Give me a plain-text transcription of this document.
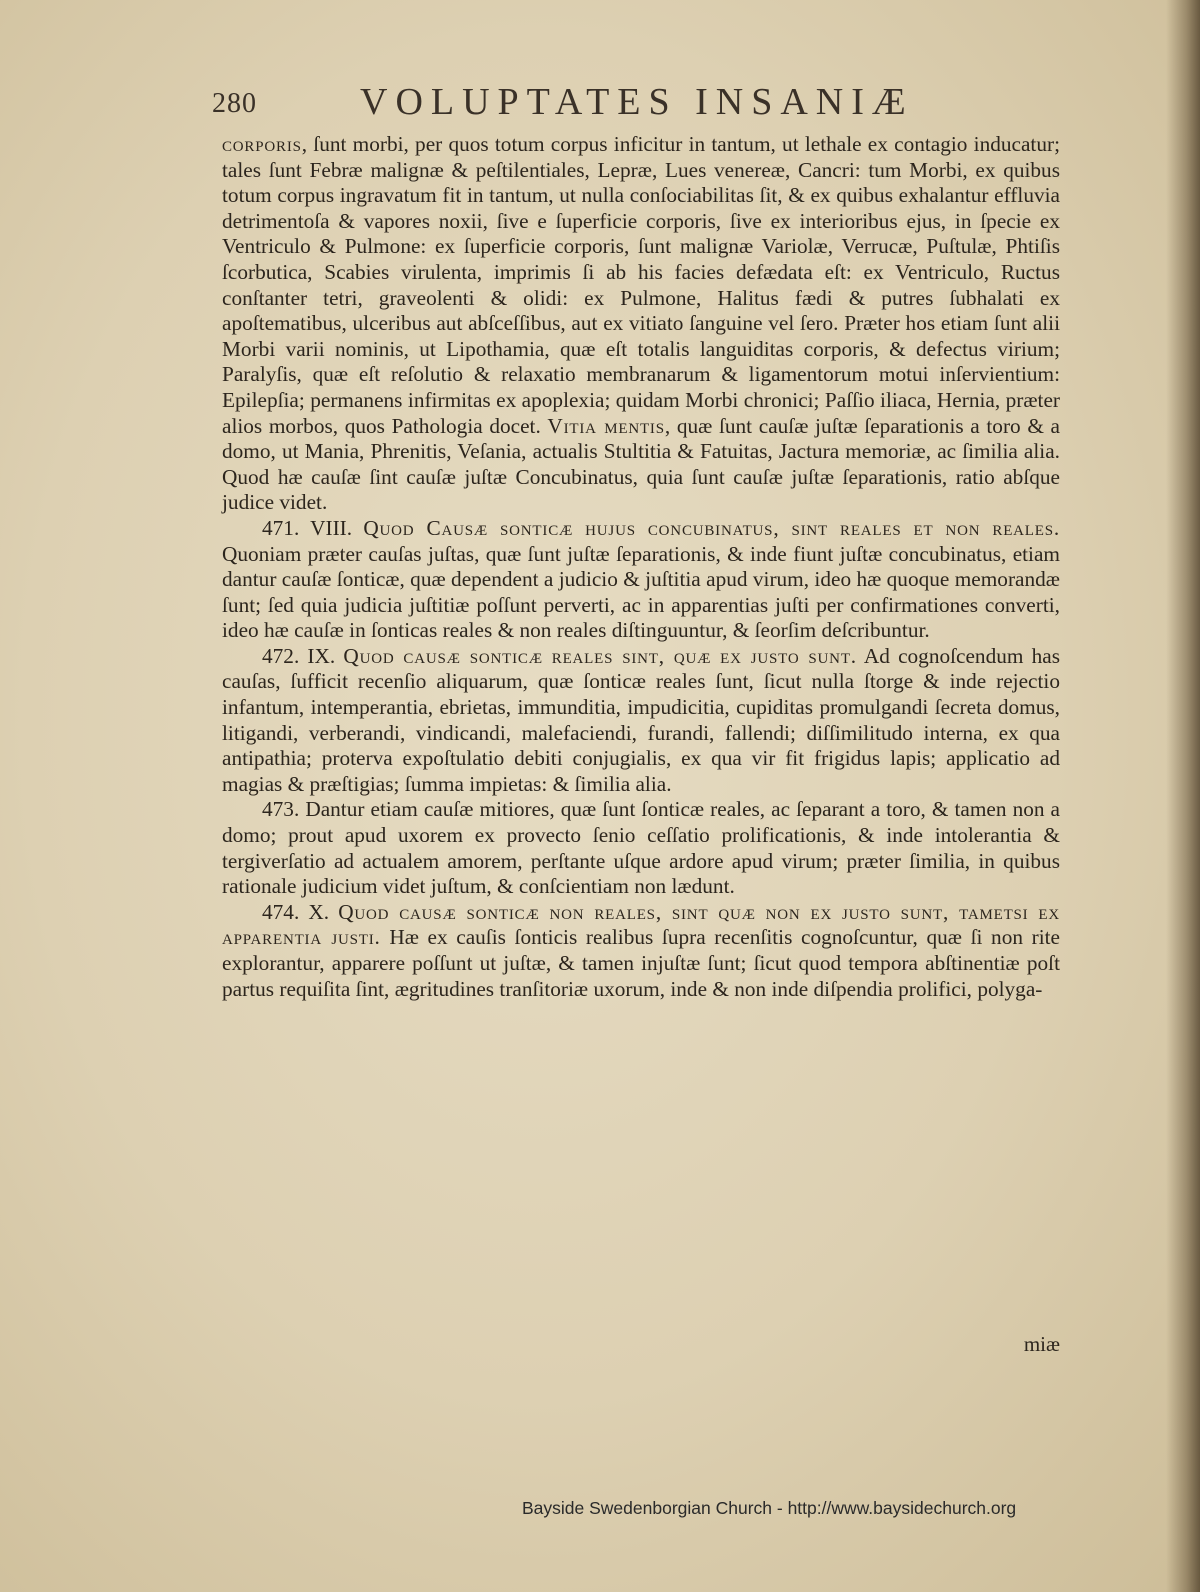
280	VOLUPTATES INSANIÆ

corporis, ſunt morbi, per quos totum corpus inficitur in tantum, ut lethale ex contagio inducatur; tales ſunt Febræ malignæ & peſtilentiales, Lepræ, Lues venereæ, Cancri: tum Morbi, ex quibus totum corpus ingravatum fit in tantum, ut nulla conſociabilitas ſit, & ex quibus exhalantur effluvia detrimentoſa & vapores noxii, ſive e ſuperficie corporis, ſive ex interioribus ejus, in ſpecie ex Ventriculo & Pulmone: ex ſuperficie corporis, ſunt malignæ Variolæ, Verrucæ, Puſtulæ, Phtiſis ſcorbutica, Scabies virulenta, imprimis ſi ab his facies defædata eſt: ex Ventriculo, Ructus conſtanter tetri, graveolenti & olidi: ex Pulmone, Halitus fædi & putres ſubhalati ex apoſtematibus, ulceribus aut abſceſſibus, aut ex vitiato ſanguine vel ſero. Præter hos etiam ſunt alii Morbi varii nominis, ut Lipothamia, quæ eſt totalis languiditas corporis, & defectus virium; Paralyſis, quæ eſt reſolutio & relaxatio membranarum & ligamentorum motui inſervientium: Epilepſia; permanens infirmitas ex apoplexia; quidam Morbi chronici; Paſſio iliaca, Hernia, præter alios morbos, quos Pathologia docet. Vitia mentis, quæ ſunt cauſæ juſtæ ſeparationis a toro & a domo, ut Mania, Phrenitis, Veſania, actualis Stultitia & Fatuitas, Jactura memoriæ, ac ſimilia alia. Quod hæ cauſæ ſint cauſæ juſtæ Concubinatus, quia ſunt cauſæ juſtæ ſeparationis, ratio abſque judice videt.

471. VIII. Quod Causæ sonticæ hujus concubinatus, sint reales et non reales. Quoniam præter cauſas juſtas, quæ ſunt juſtæ ſeparationis, & inde fiunt juſtæ concubinatus, etiam dantur cauſæ ſonticæ, quæ dependent a judicio & juſtitia apud virum, ideo hæ quoque memorandæ ſunt; ſed quia judicia juſtitiæ poſſunt perverti, ac in apparentias juſti per confirmationes converti, ideo hæ cauſæ in ſonticas reales & non reales diſtinguuntur, & ſeorſim deſcribuntur.

472. IX. Quod causæ sonticæ reales sint, quæ ex justo sunt. Ad cognoſcendum has cauſas, ſufficit recenſio aliquarum, quæ ſonticæ reales ſunt, ſicut nulla ſtorge & inde rejectio infantum, intemperantia, ebrietas, immunditia, impudicitia, cupiditas promulgandi ſecreta domus, litigandi, verberandi, vindicandi, malefaciendi, furandi, fallendi; diſſimilitudo interna, ex qua antipathia; proterva expoſtulatio debiti conjugialis, ex qua vir fit frigidus lapis; applicatio ad magias & præſtigias; ſumma impietas: & ſimilia alia.

473. Dantur etiam cauſæ mitiores, quæ ſunt ſonticæ reales, ac ſeparant a toro, & tamen non a domo; prout apud uxorem ex provecto ſenio ceſſatio prolificationis, & inde intolerantia & tergiverſatio ad actualem amorem, perſtante uſque ardore apud virum; præter ſimilia, in quibus rationale judicium videt juſtum, & conſcientiam non lædunt.

474. X. Quod causæ sonticæ non reales, sint quæ non ex justo sunt, tametsi ex apparentia justi. Hæ ex cauſis ſonticis realibus ſupra recenſitis cognoſcuntur, quæ ſi non rite explorantur, apparere poſſunt ut juſtæ, & tamen injuſtæ ſunt; ſicut quod tempora abſtinentiæ poſt partus requiſita ſint, ægritudines tranſitoriæ uxorum, inde & non inde diſpendia prolifici, polyga-

miæ
Bayside Swedenborgian Church - http://www.baysidechurch.org
